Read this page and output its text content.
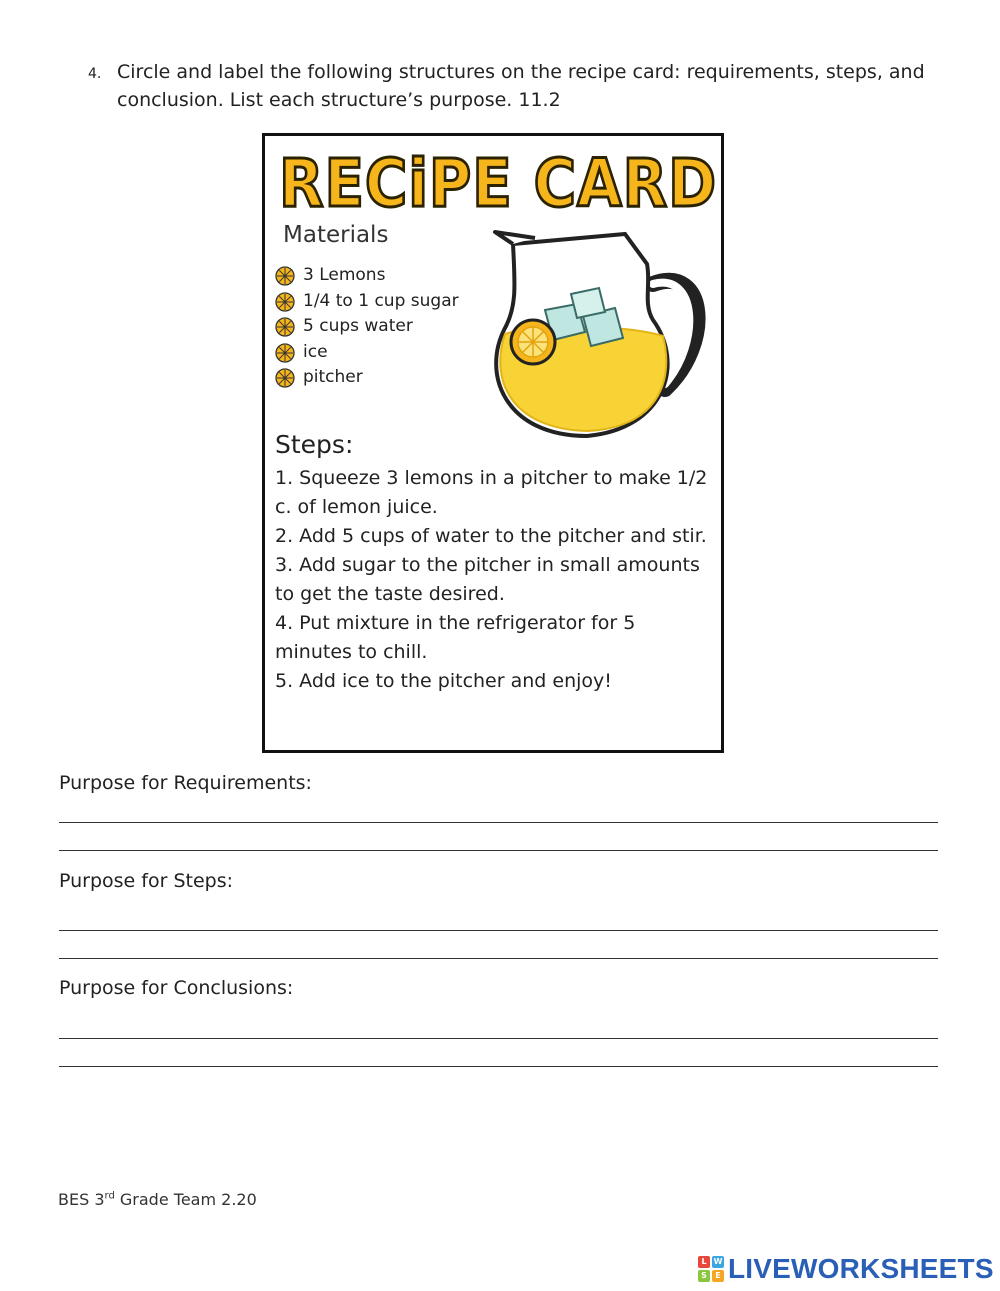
4. Circle and label the following structures on the recipe card: requirements, steps, and conclusion. List each structure’s purpose. 11.2
RECiPE CARD
Materials
3 Lemons
1/4 to 1 cup sugar
5 cups water
ice
pitcher
Steps:
1. Squeeze 3 lemons in a pitcher to make 1/2 c. of lemon juice.
2. Add 5 cups of water to the pitcher and stir.
3. Add sugar to the pitcher in small amounts to get the taste desired.
4. Put mixture in the refrigerator for 5 minutes to chill.
5. Add ice to the pitcher and enjoy!
Purpose for Requirements:
Purpose for Steps:
Purpose for Conclusions:
BES 3rd Grade Team 2.20
L W
S	E LIVEWORKSHEETS
